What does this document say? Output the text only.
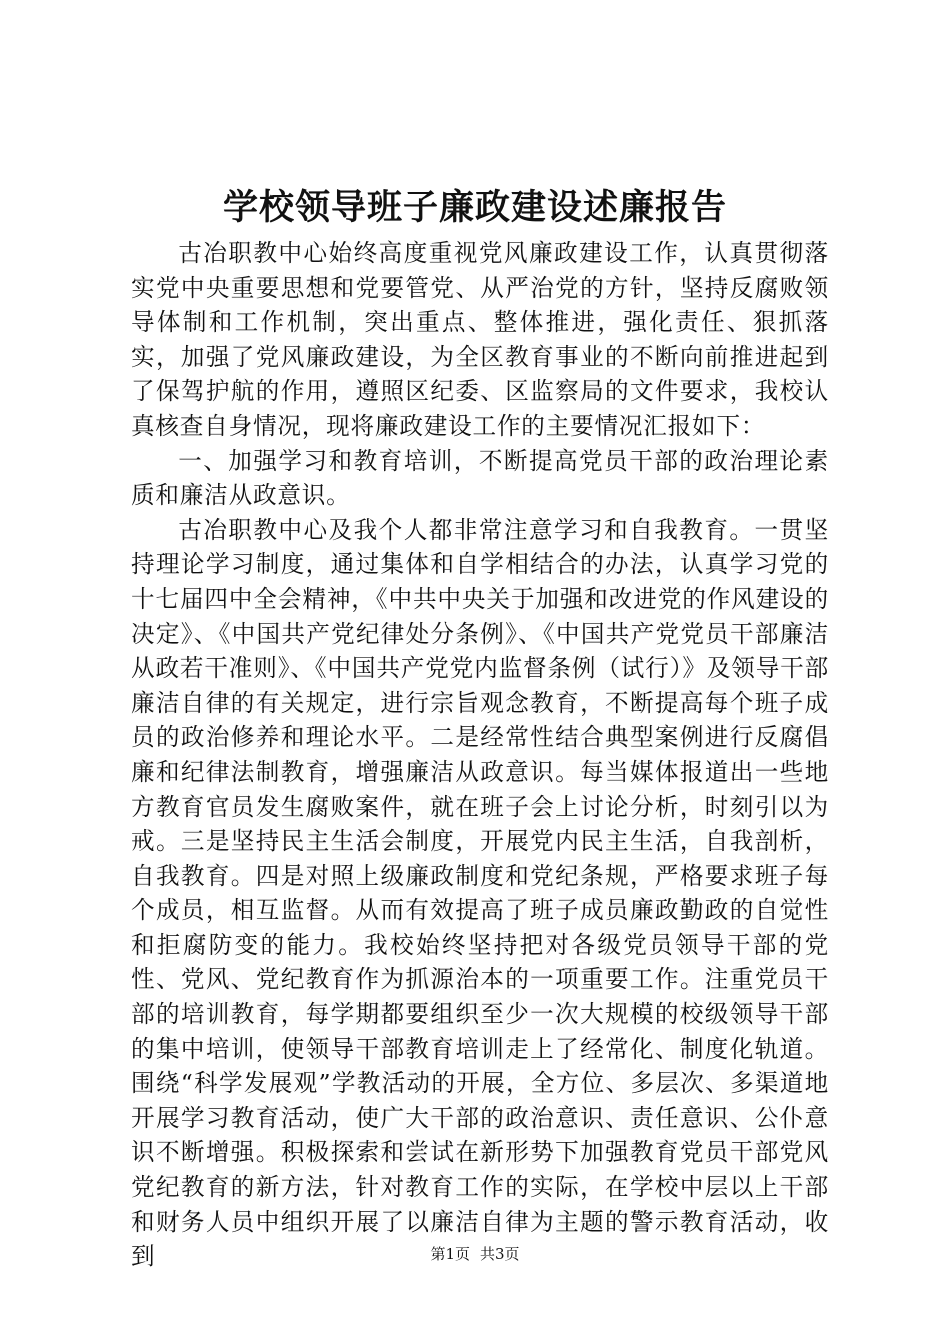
学校领导班子廉政建设述廉报告

古冶职教中心始终高度重视党风廉政建设工作，认真贯彻落实党中央重要思想和党要管党、从严治党的方针，坚持反腐败领导体制和工作机制，突出重点、整体推进，强化责任、狠抓落实，加强了党风廉政建设，为全区教育事业的不断向前推进起到了保驾护航的作用，遵照区纪委、区监察局的文件要求，我校认真核查自身情况，现将廉政建设工作的主要情况汇报如下：

一、加强学习和教育培训，不断提高党员干部的政治理论素质和廉洁从政意识。

古冶职教中心及我个人都非常注意学习和自我教育。一贯坚持理论学习制度，通过集体和自学相结合的办法，认真学习党的十七届四中全会精神，《中共中央关于加强和改进党的作风建设的决定》、《中国共产党纪律处分条例》、《中国共产党党员干部廉洁从政若干准则》、《中国共产党党内监督条例（试行）》及领导干部廉洁自律的有关规定，进行宗旨观念教育，不断提高每个班子成员的政治修养和理论水平。二是经常性结合典型案例进行反腐倡廉和纪律法制教育，增强廉洁从政意识。每当媒体报道出一些地方教育官员发生腐败案件，就在班子会上讨论分析，时刻引以为戒。三是坚持民主生活会制度，开展党内民主生活，自我剖析，自我教育。四是对照上级廉政制度和党纪条规，严格要求班子每个成员，相互监督。从而有效提高了班子成员廉政勤政的自觉性和拒腐防变的能力。我校始终坚持把对各级党员领导干部的党性、党风、党纪教育作为抓源治本的一项重要工作。注重党员干部的培训教育，每学期都要组织至少一次大规模的校级领导干部的集中培训，使领导干部教育培训走上了经常化、制度化轨道。围绕“科学发展观”学教活动的开展，全方位、多层次、多渠道地开展学习教育活动，使广大干部的政治意识、责任意识、公仆意识不断增强。积极探索和尝试在新形势下加强教育党员干部党风党纪教育的新方法，针对教育工作的实际，在学校中层以上干部和财务人员中组织开展了以廉洁自律为主题的警示教育活动，收到	第1页 共3页
